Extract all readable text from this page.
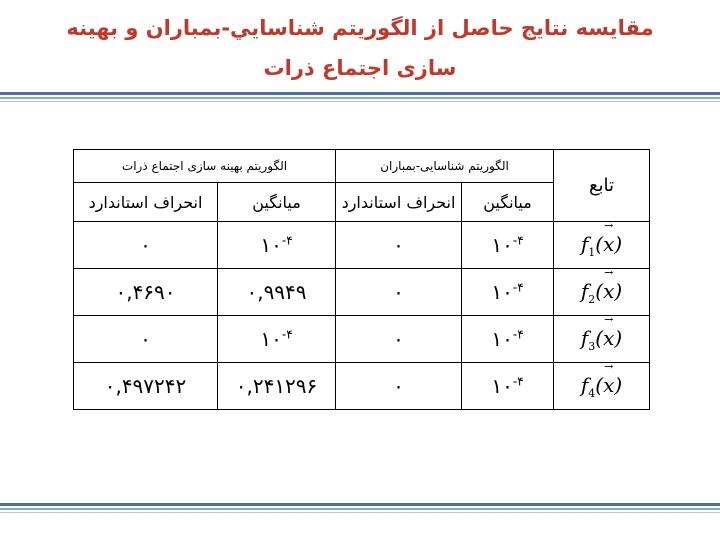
مقايسه نتايج حاصل از الگوريتم شناسايي-بمباران و بهينه
سازی اجتماع ذرات
تابع	الگوریتم شناسایی-بمباران		الگوریتم بهینه سازی اجتماع ذرات	
	میانگین	انحراف استاندارد	میانگین	انحراف استاندارد
$f_1(\to x)$	$۱۰^{-۴}$	۰	$۱۰^{-۴}$	۰
$f_2(\to x)$	$۱۰^{-۴}$	۰	۰,۹۹۴۹	۰,۴۶۹۰
$f_3(\to x)$	$۱۰^{-۴}$	۰	$۱۰^{-۴}$	۰
$f_4(\to x)$	$۱۰^{-۴}$	۰	۰,۲۴۱۲۹۶	۰,۴۹۷۲۴۲
